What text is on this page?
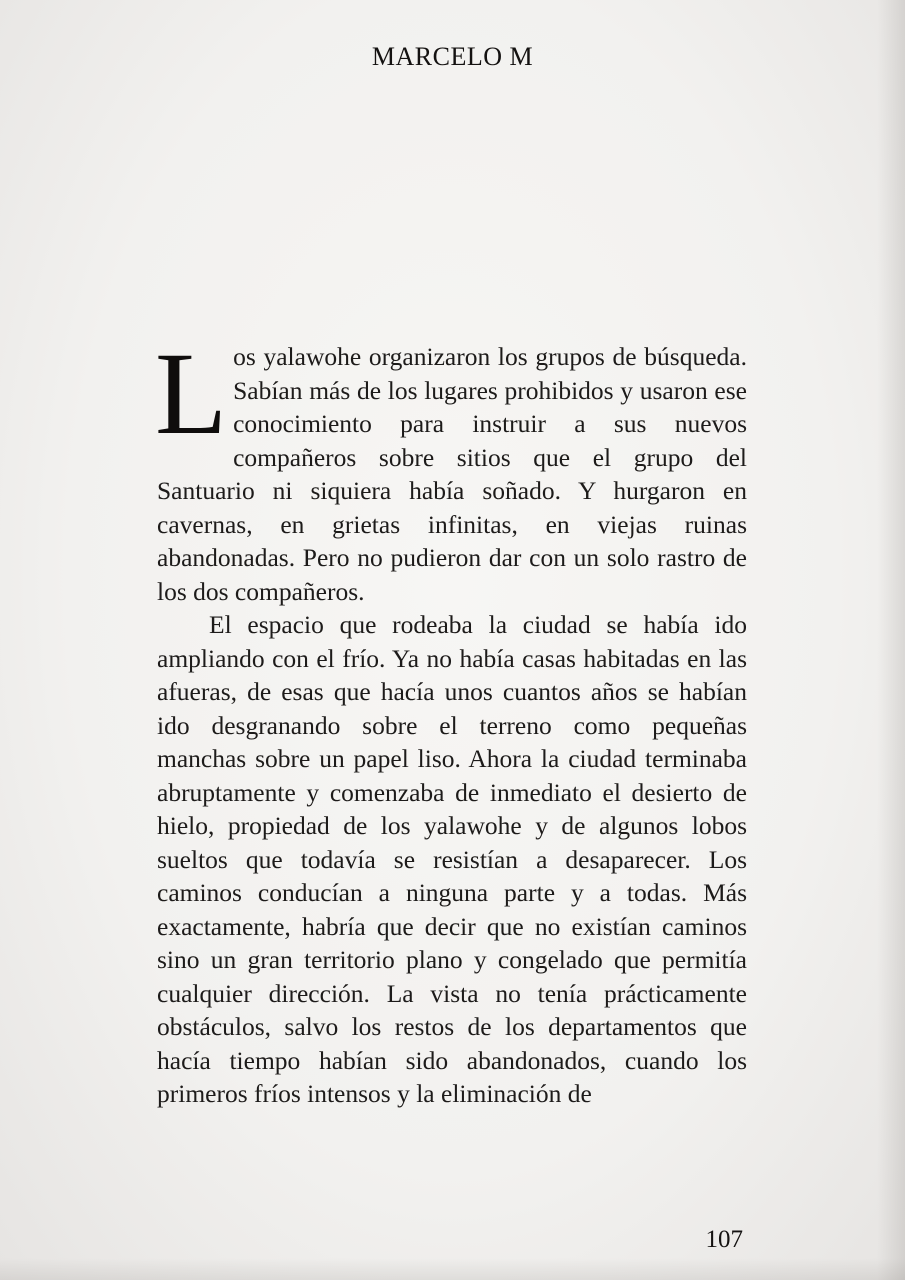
MARCELO M

Los yalawohe organizaron los grupos de búsqueda. Sabían más de los lugares prohibidos y usaron ese conocimiento para instruir a sus nuevos compañeros sobre sitios que el grupo del Santuario ni siquiera había soñado. Y hurgaron en cavernas, en grietas infinitas, en viejas ruinas abandonadas. Pero no pudieron dar con un solo rastro de los dos compañeros.

El espacio que rodeaba la ciudad se había ido ampliando con el frío. Ya no había casas habitadas en las afueras, de esas que hacía unos cuantos años se habían ido desgranando sobre el terreno como pequeñas manchas sobre un papel liso. Ahora la ciudad terminaba abruptamente y comenzaba de inmediato el desierto de hielo, propiedad de los yalawohe y de algunos lobos sueltos que todavía se resistían a desaparecer. Los caminos conducían a ninguna parte y a todas. Más exactamente, habría que decir que no existían caminos sino un gran territorio plano y congelado que permitía cualquier dirección. La vista no tenía prácticamente obstáculos, salvo los restos de los departamentos que hacía tiempo habían sido abandonados, cuando los primeros fríos intensos y la eliminación de

107
